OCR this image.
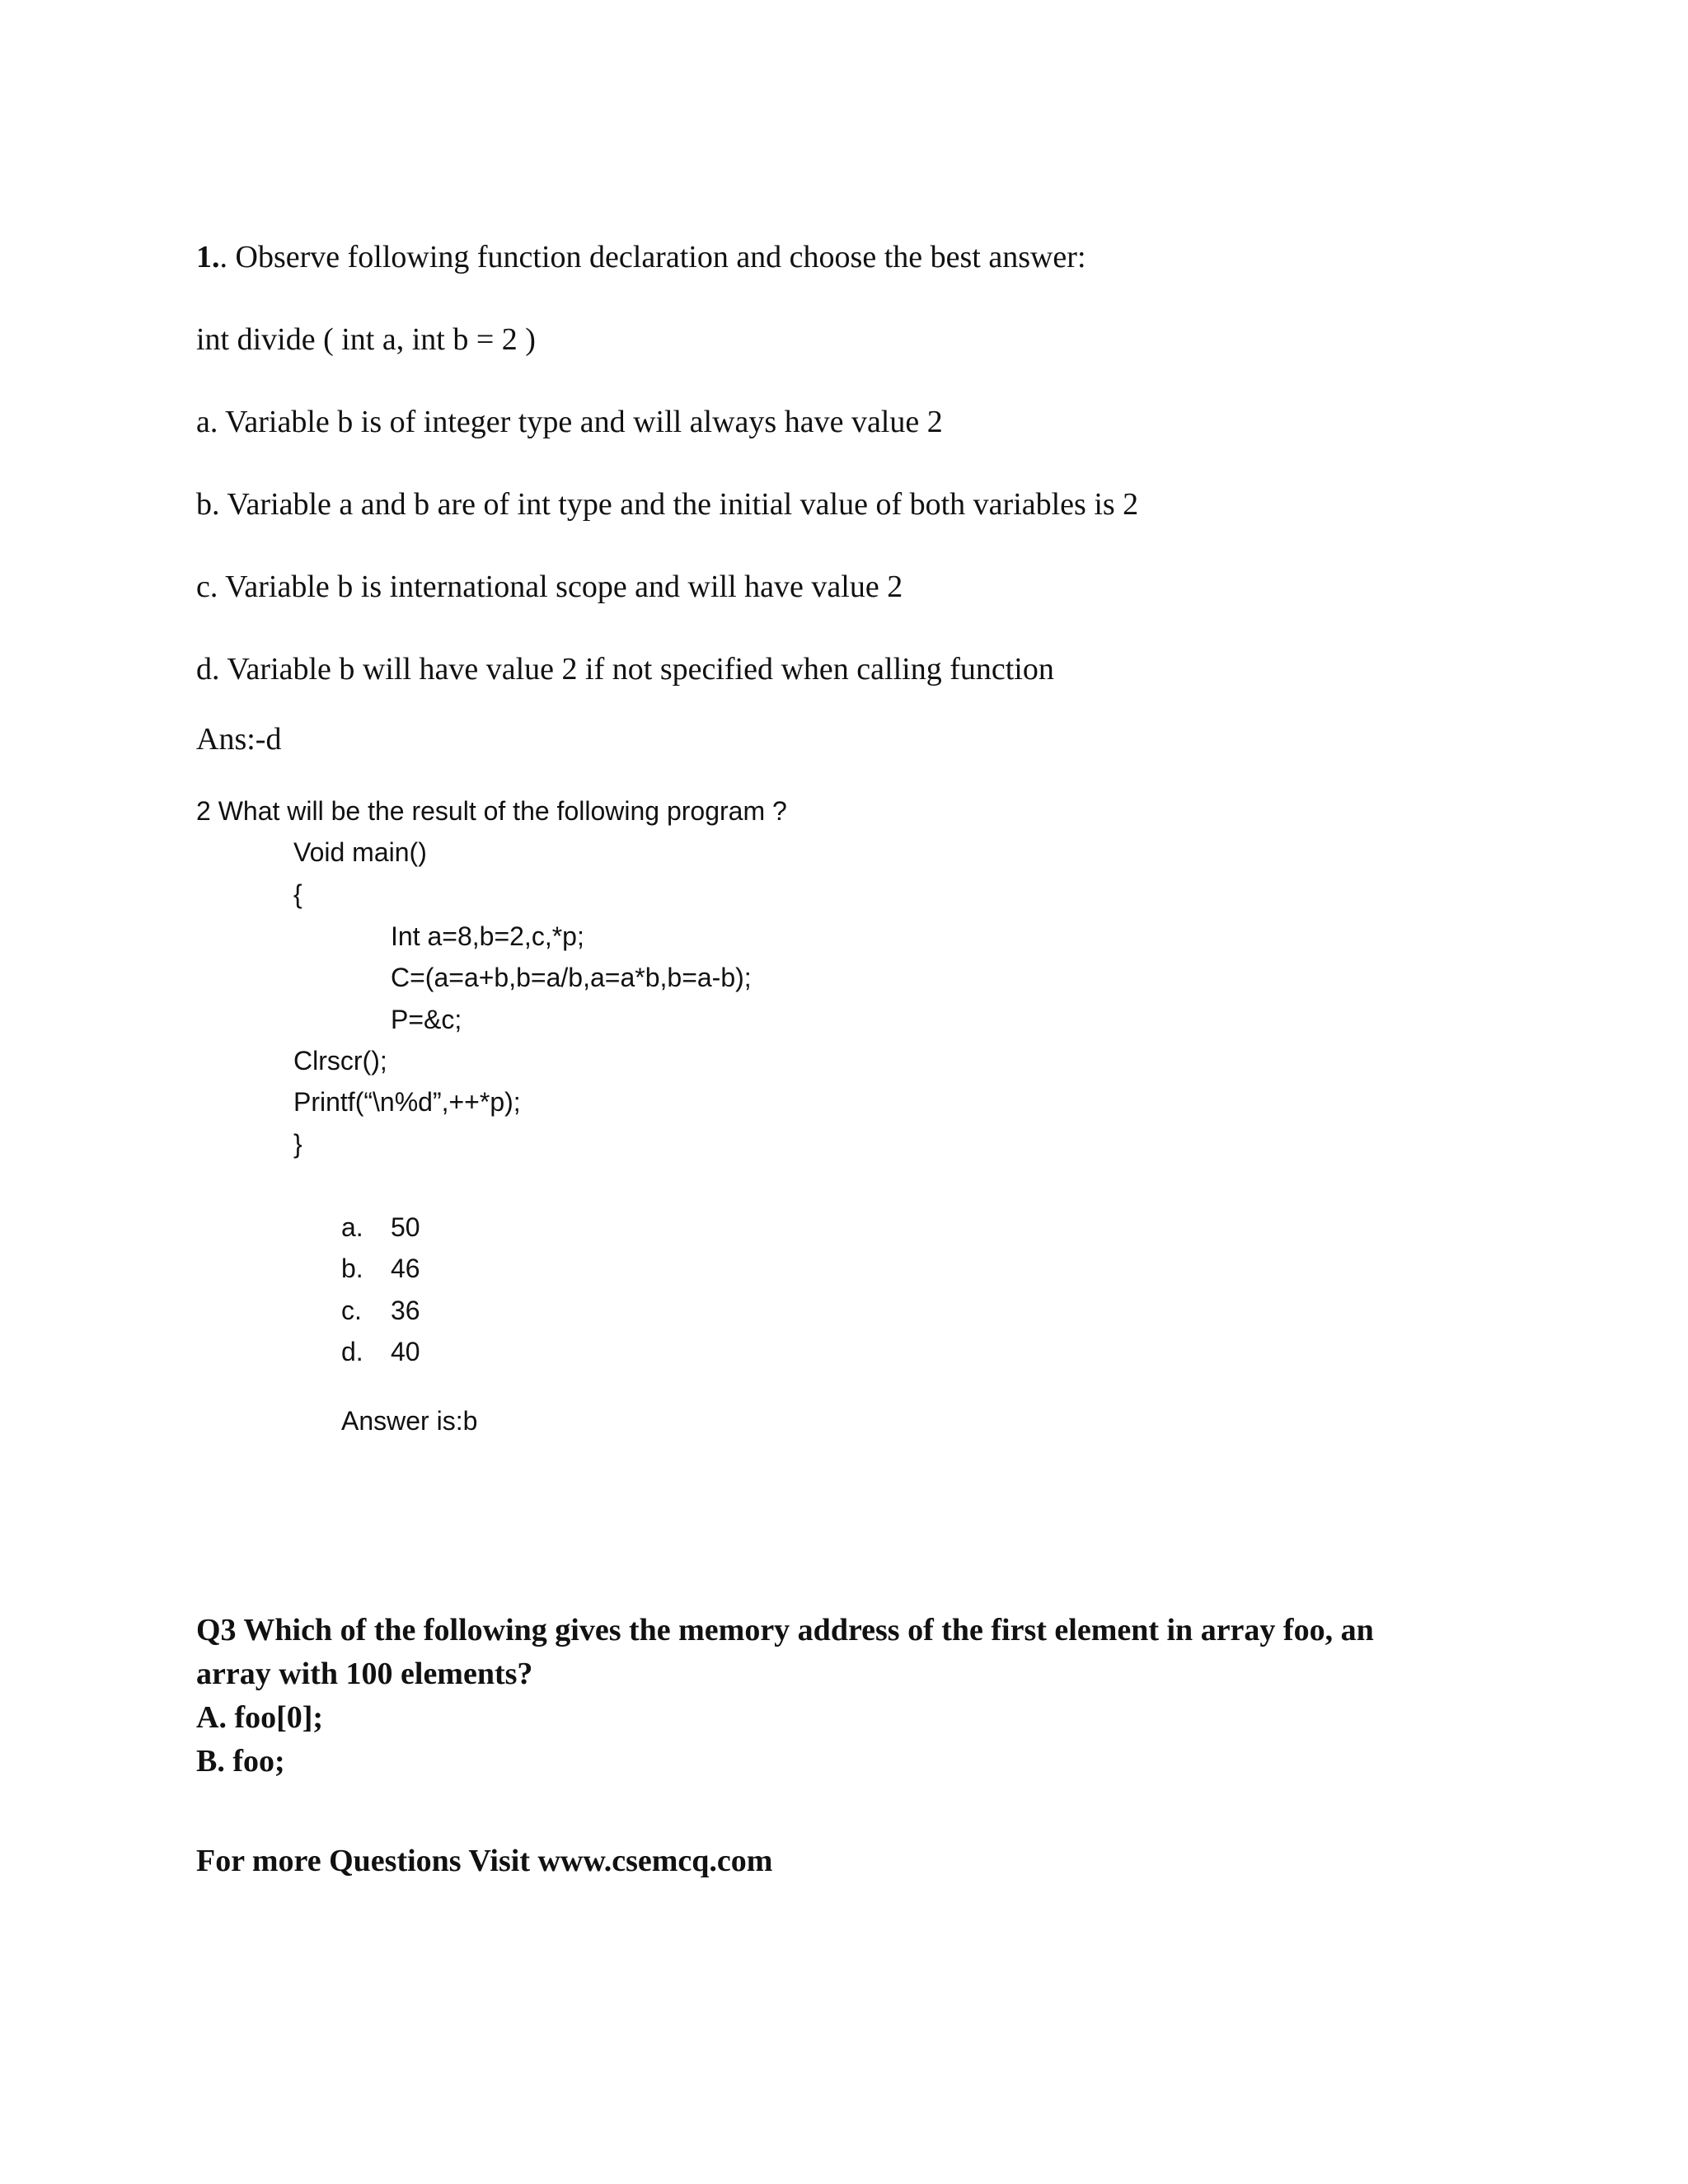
1.. Observe following function declaration and choose the best answer:
int divide ( int a, int b = 2 )
a. Variable b is of integer type and will always have value 2
b. Variable a and b are of int type and the initial value of both variables is 2
c. Variable b is international scope and will have value 2
d. Variable b will have value 2 if not specified when calling function
Ans:-d
2 What will be the result of the following program ?
Void main()
{
Int a=8,b=2,c,*p;
C=(a=a+b,b=a/b,a=a*b,b=a-b);
P=&c;
Clrscr();
Printf(“\n%d”,++*p);
}
a. 50
b. 46
c. 36
d. 40
Answer is:b
Q3 Which of the following gives the memory address of the first element in array foo, an
array with 100 elements?
A. foo[0];
B. foo;
For more Questions Visit www.csemcq.com
